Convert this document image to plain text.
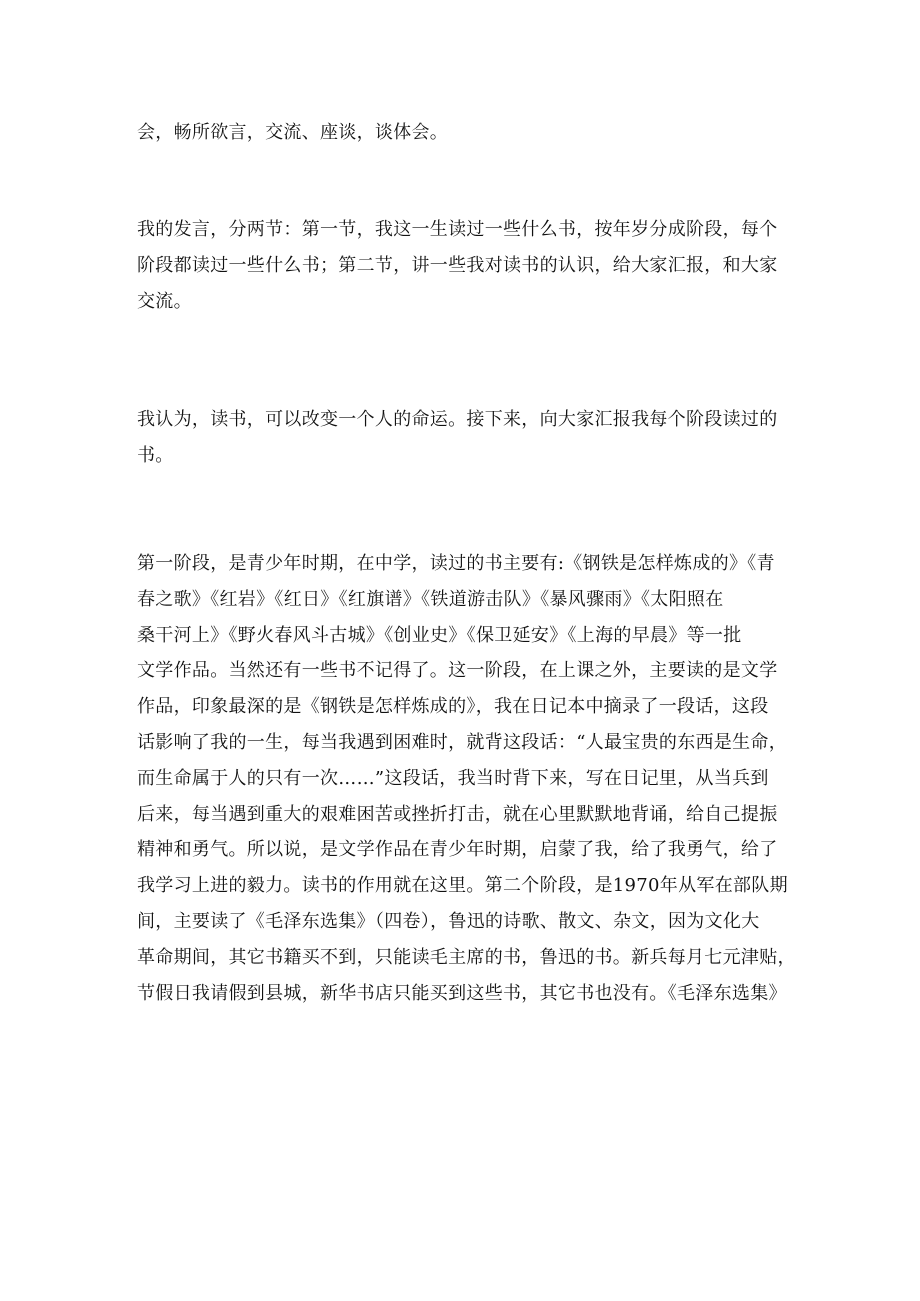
会，畅所欲言，交流、座谈，谈体会。
我的发言，分两节：第一节，我这一生读过一些什么书，按年岁分成阶段，每个
阶段都读过一些什么书；第二节，讲一些我对读书的认识，给大家汇报，和大家
交流。
我认为，读书，可以改变一个人的命运。接下来，向大家汇报我每个阶段读过的
书。
第一阶段，是青少年时期，在中学，读过的书主要有:《钢铁是怎样炼成的》《青
春之歌》《红岩》《红日》《红旗谱》《铁道游击队》《暴风骤雨》《太阳照在
桑干河上》《野火春风斗古城》《创业史》《保卫延安》《上海的早晨》等一批
文学作品。当然还有一些书不记得了。这一阶段，在上课之外，主要读的是文学
作品，印象最深的是《钢铁是怎样炼成的》，我在日记本中摘录了一段话，这段
话影响了我的一生，每当我遇到困难时，就背这段话：“人最宝贵的东西是生命，
而生命属于人的只有一次……”这段话，我当时背下来，写在日记里，从当兵到
后来，每当遇到重大的艰难困苦或挫折打击，就在心里默默地背诵，给自己提振
精神和勇气。所以说，是文学作品在青少年时期，启蒙了我，给了我勇气，给了
我学习上进的毅力。读书的作用就在这里。第二个阶段，是1970年从军在部队期
间，主要读了《毛泽东选集》（四卷），鲁迅的诗歌、散文、杂文，因为文化大
革命期间，其它书籍买不到，只能读毛主席的书，鲁迅的书。新兵每月七元津贴，
节假日我请假到县城，新华书店只能买到这些书，其它书也没有。《毛泽东选集》
